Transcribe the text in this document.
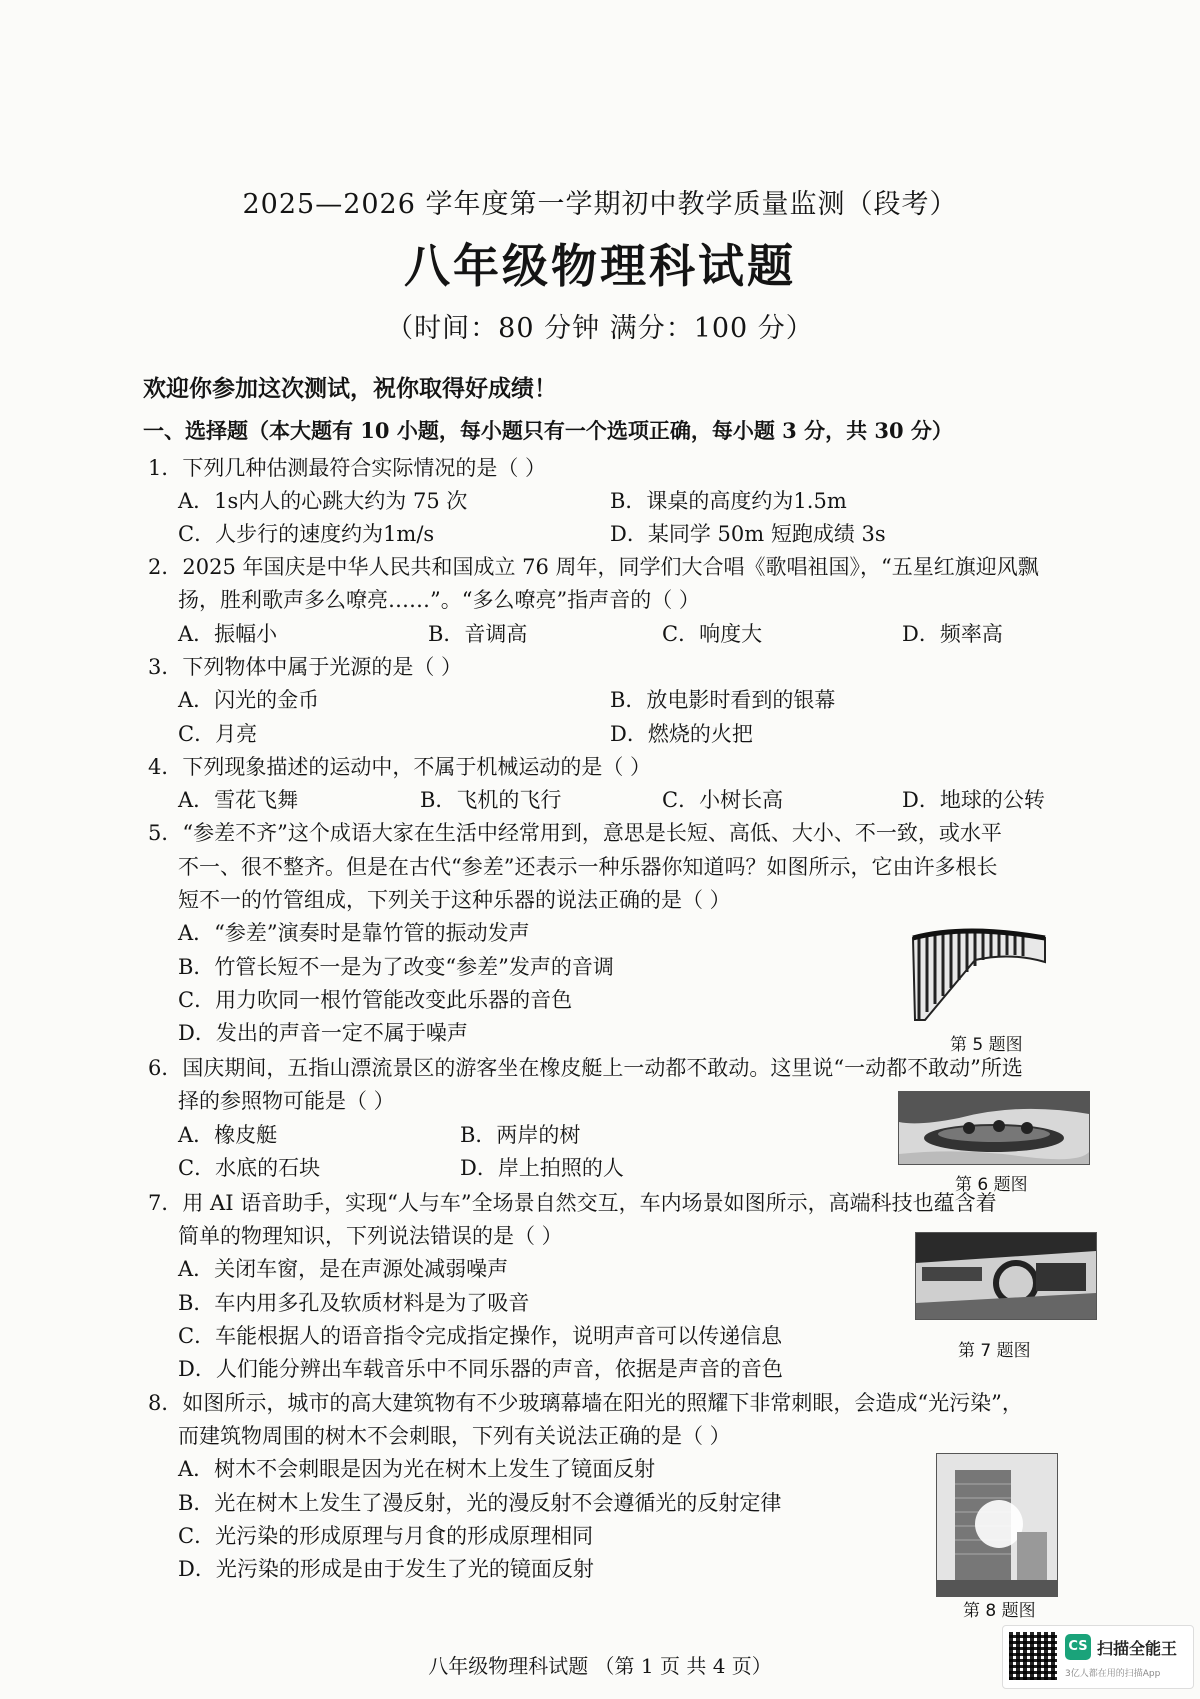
2025—2026 学年度第一学期初中教学质量监测（段考）
八年级物理科试题
（时间：80 分钟 满分：100 分）
欢迎你参加这次测试，祝你取得好成绩！
一、选择题（本大题有 10 小题，每小题只有一个选项正确，每小题 3 分，共 30 分）
1．下列几种估测最符合实际情况的是（ ）
A．1s内人的心跳大约为 75 次	B．课桌的高度约为1.5m
C．人步行的速度约为1m/s	D．某同学 50m 短跑成绩 3s
2．2025 年国庆是中华人民共和国成立 76 周年，同学们大合唱《歌唱祖国》，“五星红旗迎风飘
扬，胜利歌声多么嘹亮……”。“多么嘹亮”指声音的（ ）
A．振幅小	B．音调高	C．响度大	D．频率高
3．下列物体中属于光源的是（ ）
A．闪光的金币	B．放电影时看到的银幕
C．月亮	D．燃烧的火把
4．下列现象描述的运动中，不属于机械运动的是（ ）
A．雪花飞舞	B．飞机的飞行	C．小树长高	D．地球的公转
5．“参差不齐”这个成语大家在生活中经常用到，意思是长短、高低、大小、不一致，或水平
不一、很不整齐。但是在古代“参差”还表示一种乐器你知道吗？如图所示，它由许多根长
短不一的竹管组成，下列关于这种乐器的说法正确的是（ ）
A．“参差”演奏时是靠竹管的振动发声
B．竹管长短不一是为了改变“参差”发声的音调
C．用力吹同一根竹管能改变此乐器的音色
D．发出的声音一定不属于噪声	第 5 题图
6．国庆期间，五指山漂流景区的游客坐在橡皮艇上一动都不敢动。这里说“一动都不敢动”所选
择的参照物可能是（ ）
A．橡皮艇	B．两岸的树
C．水底的石块	D．岸上拍照的人
第 6 题图
7．用 AI 语音助手，实现“人与车”全场景自然交互，车内场景如图所示，高端科技也蕴含着
简单的物理知识，下列说法错误的是（ ）
A．关闭车窗，是在声源处减弱噪声
B．车内用多孔及软质材料是为了吸音
C．车能根据人的语音指令完成指定操作，说明声音可以传递信息
D．人们能分辨出车载音乐中不同乐器的声音，依据是声音的音色
第 7 题图
8．如图所示，城市的高大建筑物有不少玻璃幕墙在阳光的照耀下非常刺眼，会造成“光污染”，
而建筑物周围的树木不会刺眼，下列有关说法正确的是（ ）
A．树木不会刺眼是因为光在树木上发生了镜面反射
B．光在树木上发生了漫反射，光的漫反射不会遵循光的反射定律
C．光污染的形成原理与月食的形成原理相同
D．光污染的形成是由于发生了光的镜面反射
第 8 题图
八年级物理科试题 （第 1 页 共 4 页）
CS 扫描全能王
3亿人都在用的扫描App
